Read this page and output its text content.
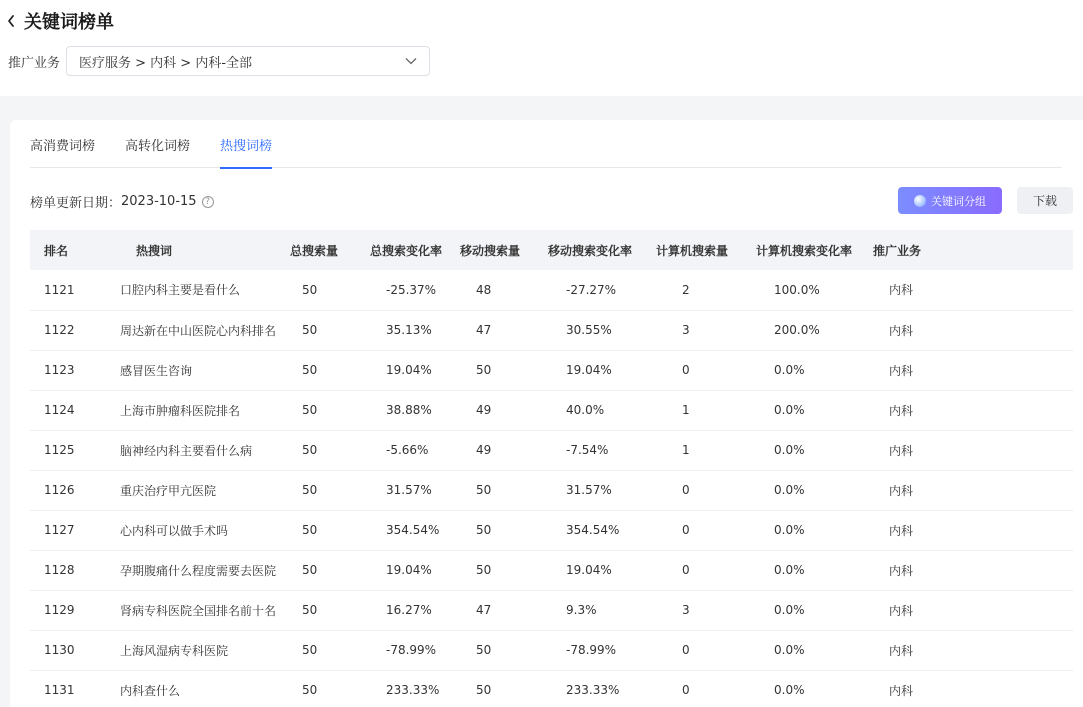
关键词榜单
推广业务	医疗服务 > 内科 > 内科-全部
高消费词榜 高转化词榜 热搜词榜
榜单更新日期： 2023-10-15 ?	关键词分组	下载
排名	热搜词	总搜索量	总搜索变化率	移动搜索量	移动搜索变化率	计算机搜索量	计算机搜索变化率	推广业务
1121	口腔内科主要是看什么	50	-25.37%	48	-27.27%	2	100.0%	内科
1122	周达新在中山医院心内科排名	50	35.13%	47	30.55%	3	200.0%	内科
1123	感冒医生咨询	50	19.04%	50	19.04%	0	0.0%	内科
1124	上海市肿瘤科医院排名	50	38.88%	49	40.0%	1	0.0%	内科
1125	脑神经内科主要看什么病	50	-5.66%	49	-7.54%	1	0.0%	内科
1126	重庆治疗甲亢医院	50	31.57%	50	31.57%	0	0.0%	内科
1127	心内科可以做手术吗	50	354.54%	50	354.54%	0	0.0%	内科
1128	孕期腹痛什么程度需要去医院	50	19.04%	50	19.04%	0	0.0%	内科
1129	肾病专科医院全国排名前十名	50	16.27%	47	9.3%	3	0.0%	内科
1130	上海风湿病专科医院	50	-78.99%	50	-78.99%	0	0.0%	内科
1131	内科查什么	50	233.33%	50	233.33%	0	0.0%	内科
